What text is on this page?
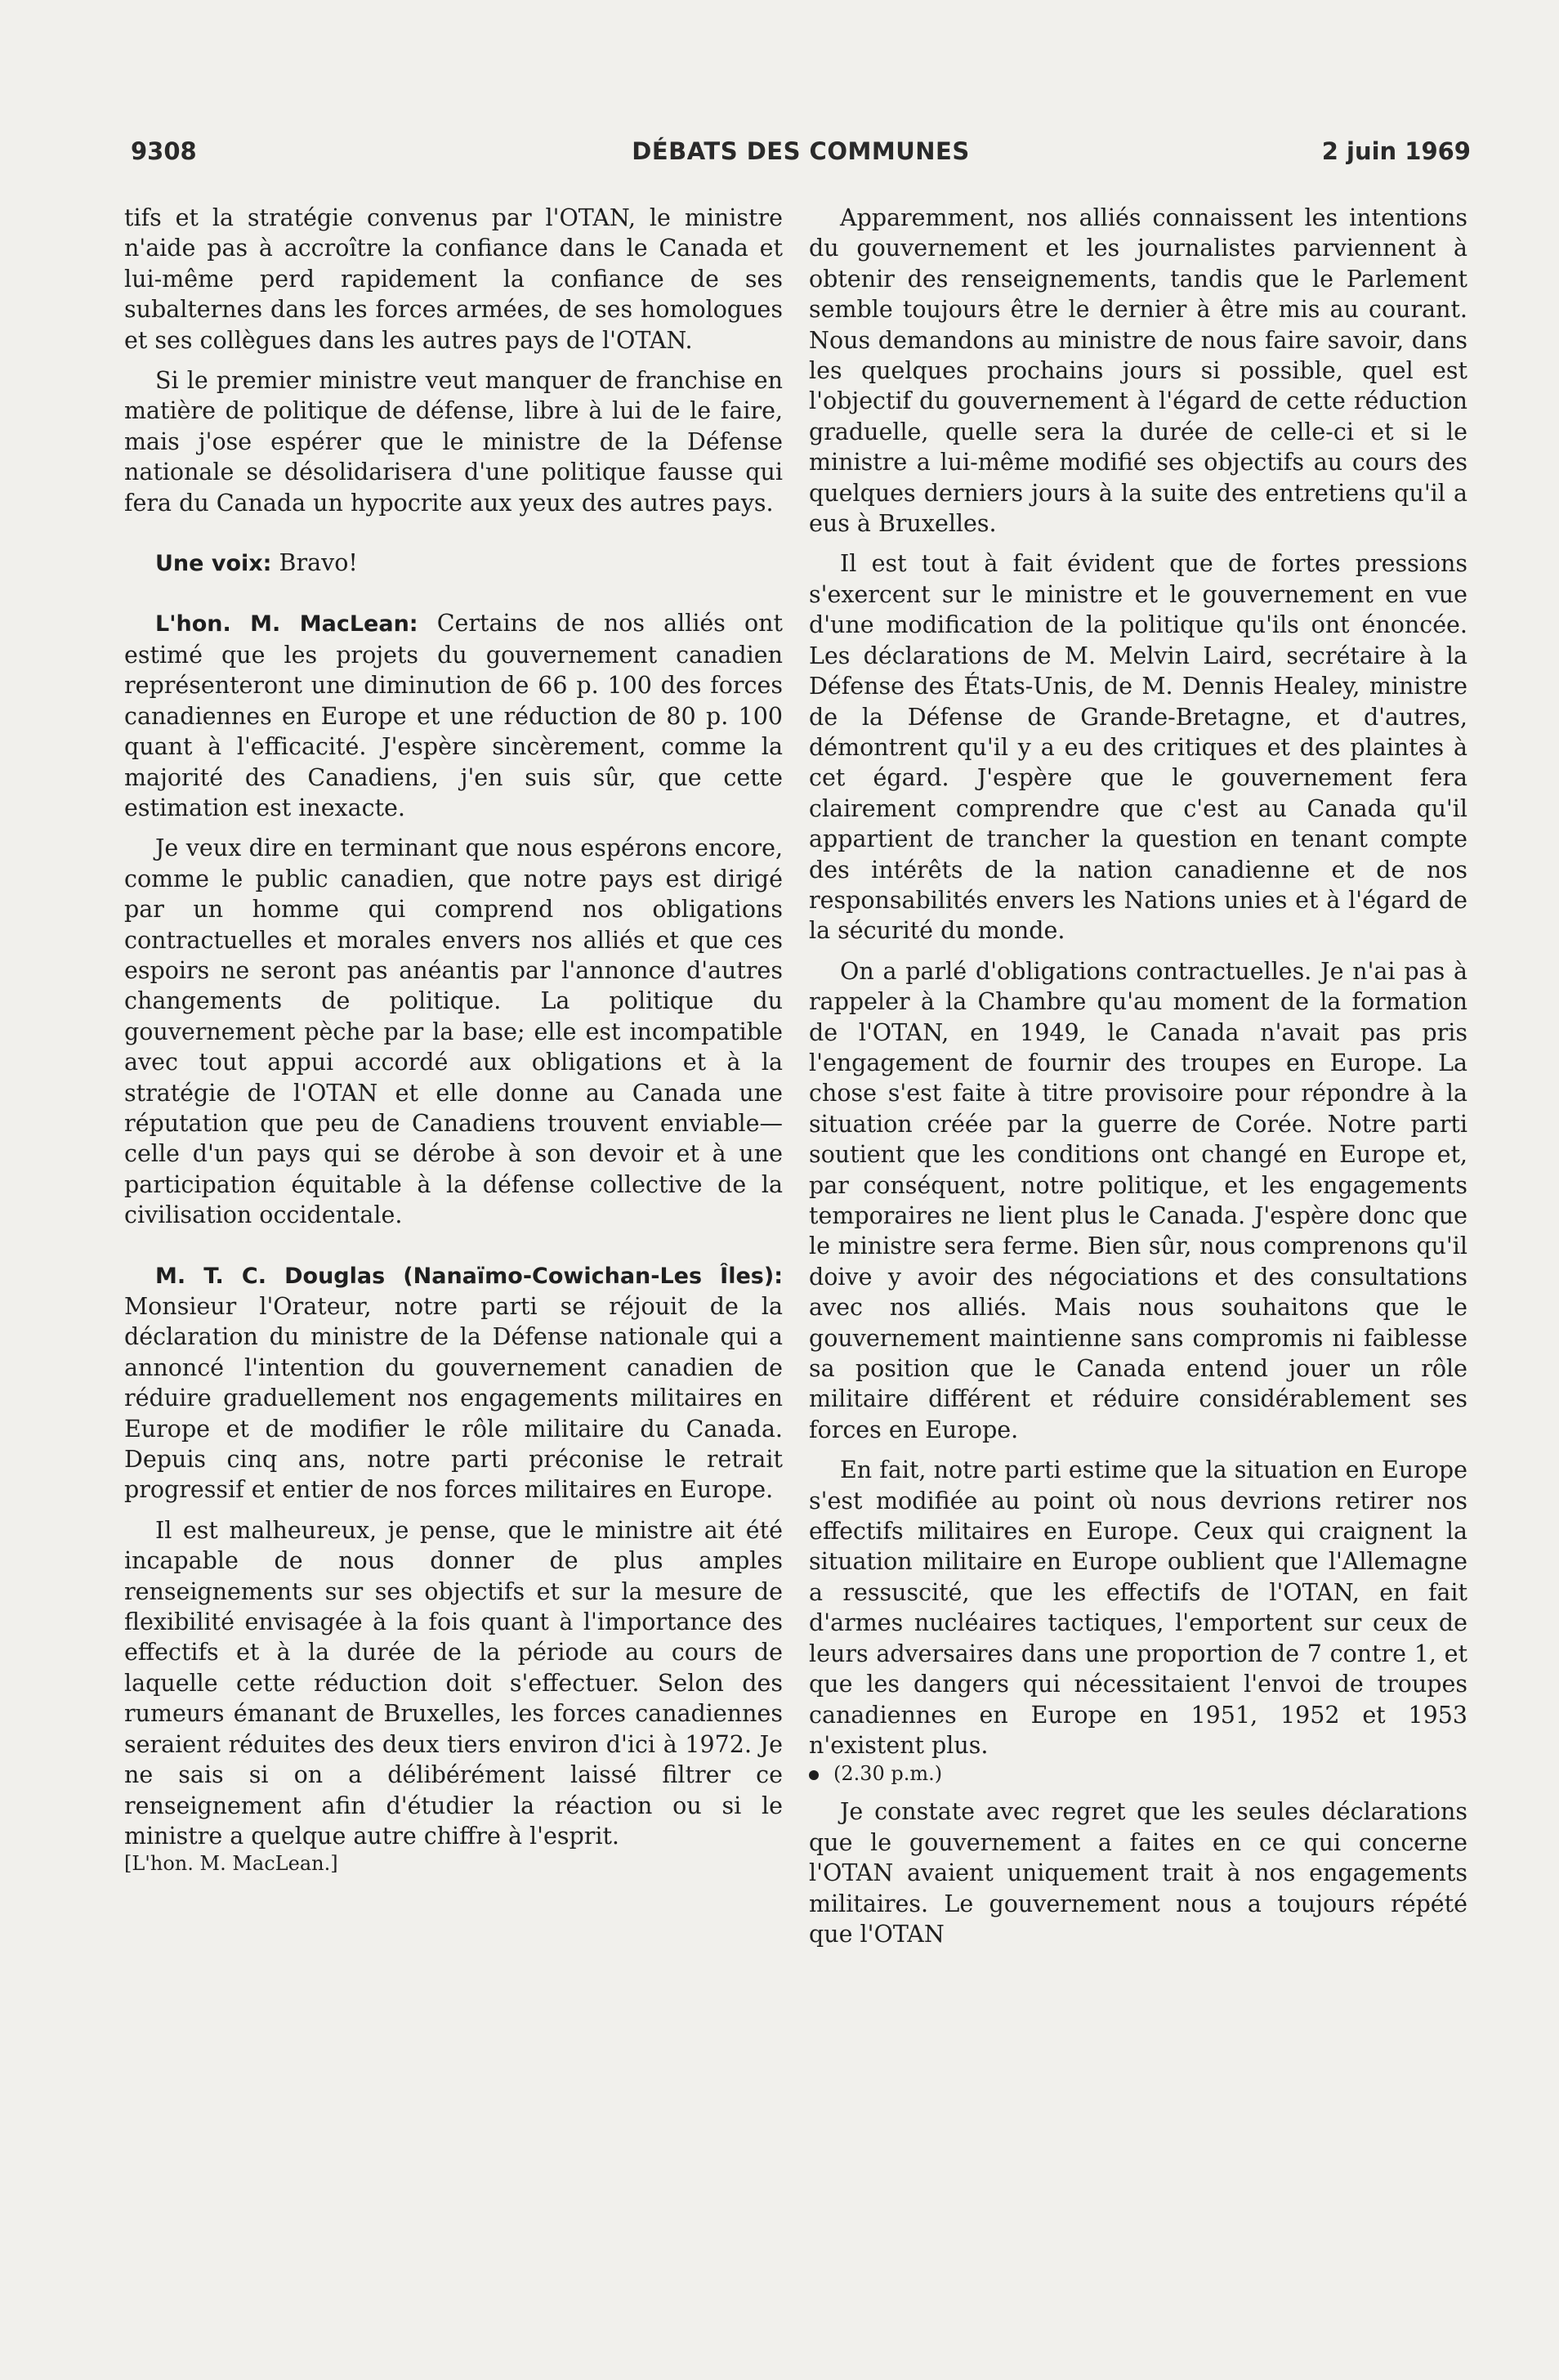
9308	DÉBATS DES COMMUNES	2 juin 1969

tifs et la stratégie convenus par l'OTAN, le ministre n'aide pas à accroître la confiance dans le Canada et lui-même perd rapidement la confiance de ses subalternes dans les forces armées, de ses homologues et ses collègues dans les autres pays de l'OTAN.

Si le premier ministre veut manquer de franchise en matière de politique de défense, libre à lui de le faire, mais j'ose espérer que le ministre de la Défense nationale se désolidarisera d'une politique fausse qui fera du Canada un hypocrite aux yeux des autres pays.

Une voix: Bravo!

L'hon. M. MacLean: Certains de nos alliés ont estimé que les projets du gouvernement canadien représenteront une diminution de 66 p. 100 des forces canadiennes en Europe et une réduction de 80 p. 100 quant à l'efficacité. J'espère sincèrement, comme la majorité des Canadiens, j'en suis sûr, que cette estimation est inexacte.

Je veux dire en terminant que nous espérons encore, comme le public canadien, que notre pays est dirigé par un homme qui comprend nos obligations contractuelles et morales envers nos alliés et que ces espoirs ne seront pas anéantis par l'annonce d'autres changements de politique. La politique du gouvernement pèche par la base; elle est incompatible avec tout appui accordé aux obligations et à la stratégie de l'OTAN et elle donne au Canada une réputation que peu de Canadiens trouvent enviable—celle d'un pays qui se dérobe à son devoir et à une participation équitable à la défense collective de la civilisation occidentale.

M. T. C. Douglas (Nanaïmo-Cowichan-Les Îles): Monsieur l'Orateur, notre parti se réjouit de la déclaration du ministre de la Défense nationale qui a annoncé l'intention du gouvernement canadien de réduire graduellement nos engagements militaires en Europe et de modifier le rôle militaire du Canada. Depuis cinq ans, notre parti préconise le retrait progressif et entier de nos forces militaires en Europe.

Il est malheureux, je pense, que le ministre ait été incapable de nous donner de plus amples renseignements sur ses objectifs et sur la mesure de flexibilité envisagée à la fois quant à l'importance des effectifs et à la durée de la période au cours de laquelle cette réduction doit s'effectuer. Selon des rumeurs émanant de Bruxelles, les forces canadiennes seraient réduites des deux tiers environ d'ici à 1972. Je ne sais si on a délibérément laissé filtrer ce renseignement afin d'étudier la réaction ou si le ministre a quelque autre chiffre à l'esprit.

[L'hon. M. MacLean.]

Apparemment, nos alliés connaissent les intentions du gouvernement et les journalistes parviennent à obtenir des renseignements, tandis que le Parlement semble toujours être le dernier à être mis au courant. Nous demandons au ministre de nous faire savoir, dans les quelques prochains jours si possible, quel est l'objectif du gouvernement à l'égard de cette réduction graduelle, quelle sera la durée de celle-ci et si le ministre a lui-même modifié ses objectifs au cours des quelques derniers jours à la suite des entretiens qu'il a eus à Bruxelles.

Il est tout à fait évident que de fortes pressions s'exercent sur le ministre et le gouvernement en vue d'une modification de la politique qu'ils ont énoncée. Les déclarations de M. Melvin Laird, secrétaire à la Défense des États-Unis, de M. Dennis Healey, ministre de la Défense de Grande-Bretagne, et d'autres, démontrent qu'il y a eu des critiques et des plaintes à cet égard. J'espère que le gouvernement fera clairement comprendre que c'est au Canada qu'il appartient de trancher la question en tenant compte des intérêts de la nation canadienne et de nos responsabilités envers les Nations unies et à l'égard de la sécurité du monde.

On a parlé d'obligations contractuelles. Je n'ai pas à rappeler à la Chambre qu'au moment de la formation de l'OTAN, en 1949, le Canada n'avait pas pris l'engagement de fournir des troupes en Europe. La chose s'est faite à titre provisoire pour répondre à la situation créée par la guerre de Corée. Notre parti soutient que les conditions ont changé en Europe et, par conséquent, notre politique, et les engagements temporaires ne lient plus le Canada. J'espère donc que le ministre sera ferme. Bien sûr, nous comprenons qu'il doive y avoir des négociations et des consultations avec nos alliés. Mais nous souhaitons que le gouvernement maintienne sans compromis ni faiblesse sa position que le Canada entend jouer un rôle militaire différent et réduire considérablement ses forces en Europe.

En fait, notre parti estime que la situation en Europe s'est modifiée au point où nous devrions retirer nos effectifs militaires en Europe. Ceux qui craignent la situation militaire en Europe oublient que l'Allemagne a ressuscité, que les effectifs de l'OTAN, en fait d'armes nucléaires tactiques, l'emportent sur ceux de leurs adversaires dans une proportion de 7 contre 1, et que les dangers qui nécessitaient l'envoi de troupes canadiennes en Europe en 1951, 1952 et 1953 n'existent plus.

(2.30 p.m.)

Je constate avec regret que les seules déclarations que le gouvernement a faites en ce qui concerne l'OTAN avaient uniquement trait à nos engagements militaires. Le gouvernement nous a toujours répété que l'OTAN
